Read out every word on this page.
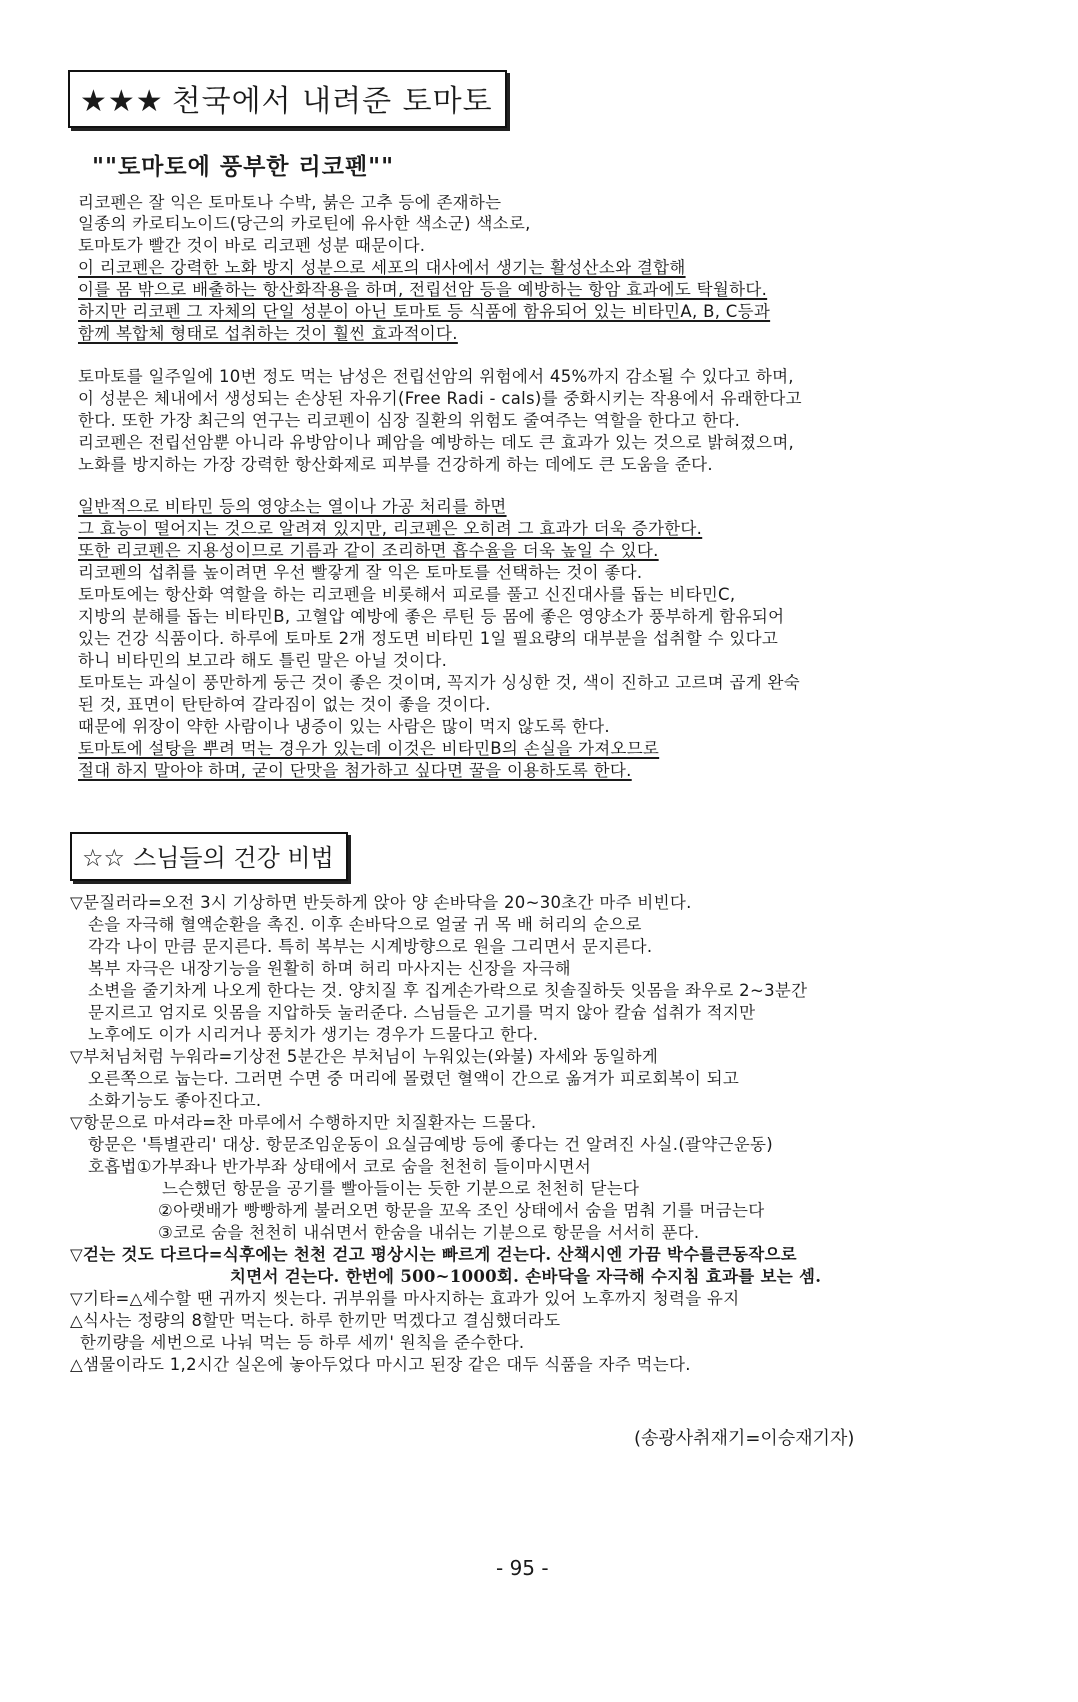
★★★ 천국에서 내려준 토마토
""토마토에 풍부한 리코펜""
리코펜은 잘 익은 토마토나 수박, 붉은 고추 등에 존재하는
일종의 카로티노이드(당근의 카로틴에 유사한 색소군) 색소로,
토마토가 빨간 것이 바로 리코펜 성분 때문이다.
이 리코펜은 강력한 노화 방지 성분으로 세포의 대사에서 생기는 활성산소와 결합해
이를 몸 밖으로 배출하는 항산화작용을 하며, 전립선암 등을 예방하는 항암 효과에도 탁월하다.
하지만 리코펜 그 자체의 단일 성분이 아닌 토마토 등 식품에 함유되어 있는 비타민A, B, C등과
함께 복합체 형태로 섭취하는 것이 훨씬 효과적이다.
토마토를 일주일에 10번 정도 먹는 남성은 전립선암의 위험에서 45%까지 감소될 수 있다고 하며,
이 성분은 체내에서 생성되는 손상된 자유기(Free Radi - cals)를 중화시키는 작용에서 유래한다고
한다. 또한 가장 최근의 연구는 리코펜이 심장 질환의 위험도 줄여주는 역할을 한다고 한다.
리코펜은 전립선암뿐 아니라 유방암이나 폐암을 예방하는 데도 큰 효과가 있는 것으로 밝혀졌으며,
노화를 방지하는 가장 강력한 항산화제로 피부를 건강하게 하는 데에도 큰 도움을 준다.
일반적으로 비타민 등의 영양소는 열이나 가공 처리를 하면
그 효능이 떨어지는 것으로 알려져 있지만, 리코펜은 오히려 그 효과가 더욱 증가한다.
또한 리코펜은 지용성이므로 기름과 같이 조리하면 흡수율을 더욱 높일 수 있다.
리코펜의 섭취를 높이려면 우선 빨갛게 잘 익은 토마토를 선택하는 것이 좋다.
토마토에는 항산화 역할을 하는 리코펜을 비롯해서 피로를 풀고 신진대사를 돕는 비타민C,
지방의 분해를 돕는 비타민B, 고혈압 예방에 좋은 루틴 등 몸에 좋은 영양소가 풍부하게 함유되어
있는 건강 식품이다. 하루에 토마토 2개 정도면 비타민 1일 필요량의 대부분을 섭취할 수 있다고
하니 비타민의 보고라 해도 틀린 말은 아닐 것이다.
토마토는 과실이 풍만하게 둥근 것이 좋은 것이며, 꼭지가 싱싱한 것, 색이 진하고 고르며 곱게 완숙
된 것, 표면이 탄탄하여 갈라짐이 없는 것이 좋을 것이다.
때문에 위장이 약한 사람이나 냉증이 있는 사람은 많이 먹지 않도록 한다.
토마토에 설탕을 뿌려 먹는 경우가 있는데 이것은 비타민B의 손실을 가져오므로
절대 하지 말아야 하며, 굳이 단맛을 첨가하고 싶다면 꿀을 이용하도록 한다.
☆☆ 스님들의 건강 비법
▽문질러라=오전 3시 기상하면 반듯하게 앉아 양 손바닥을 20~30초간 마주 비빈다.
손을 자극해 혈액순환을 촉진. 이후 손바닥으로 얼굴 귀 목 배 허리의 순으로
각각 나이 만큼 문지른다. 특히 복부는 시계방향으로 원을 그리면서 문지른다.
복부 자극은 내장기능을 원활히 하며 허리 마사지는 신장을 자극해
소변을 줄기차게 나오게 한다는 것. 양치질 후 집게손가락으로 칫솔질하듯 잇몸을 좌우로 2~3분간
문지르고 엄지로 잇몸을 지압하듯 눌러준다. 스님들은 고기를 먹지 않아 칼슘 섭취가 적지만
노후에도 이가 시리거나 풍치가 생기는 경우가 드물다고 한다.
▽부처님처럼 누워라=기상전 5분간은 부처님이 누워있는(와불) 자세와 동일하게
오른쪽으로 눕는다. 그러면 수면 중 머리에 몰렸던 혈액이 간으로 옮겨가 피로회복이 되고
소화기능도 좋아진다고.
▽항문으로 마셔라=찬 마루에서 수행하지만 치질환자는 드물다.
항문은 '특별관리' 대상. 항문조임운동이 요실금예방 등에 좋다는 건 알려진 사실.(괄약근운동)
호흡법①가부좌나 반가부좌 상태에서 코로 숨을 천천히 들이마시면서
느슨했던 항문을 공기를 빨아들이는 듯한 기분으로 천천히 닫는다
②아랫배가 빵빵하게 불러오면 항문을 꼬옥 조인 상태에서 숨을 멈춰 기를 머금는다
③코로 숨을 천천히 내쉬면서 한숨을 내쉬는 기분으로 항문을 서서히 푼다.
▽걷는 것도 다르다=식후에는 천천 걷고 평상시는 빠르게 걷는다. 산책시엔 가끔 박수를큰동작으로
치면서 걷는다. 한번에 500~1000회. 손바닥을 자극해 수지침 효과를 보는 셈.
▽기타=△세수할 땐 귀까지 씻는다. 귀부위를 마사지하는 효과가 있어 노후까지 청력을 유지
△식사는 정량의 8할만 먹는다. 하루 한끼만 먹겠다고 결심했더라도
한끼량을 세번으로 나눠 먹는 등 하루 세끼' 원칙을 준수한다.
△샘물이라도 1,2시간 실온에 놓아두었다 마시고 된장 같은 대두 식품을 자주 먹는다.
(송광사취재기=이승재기자)
- 95 -
